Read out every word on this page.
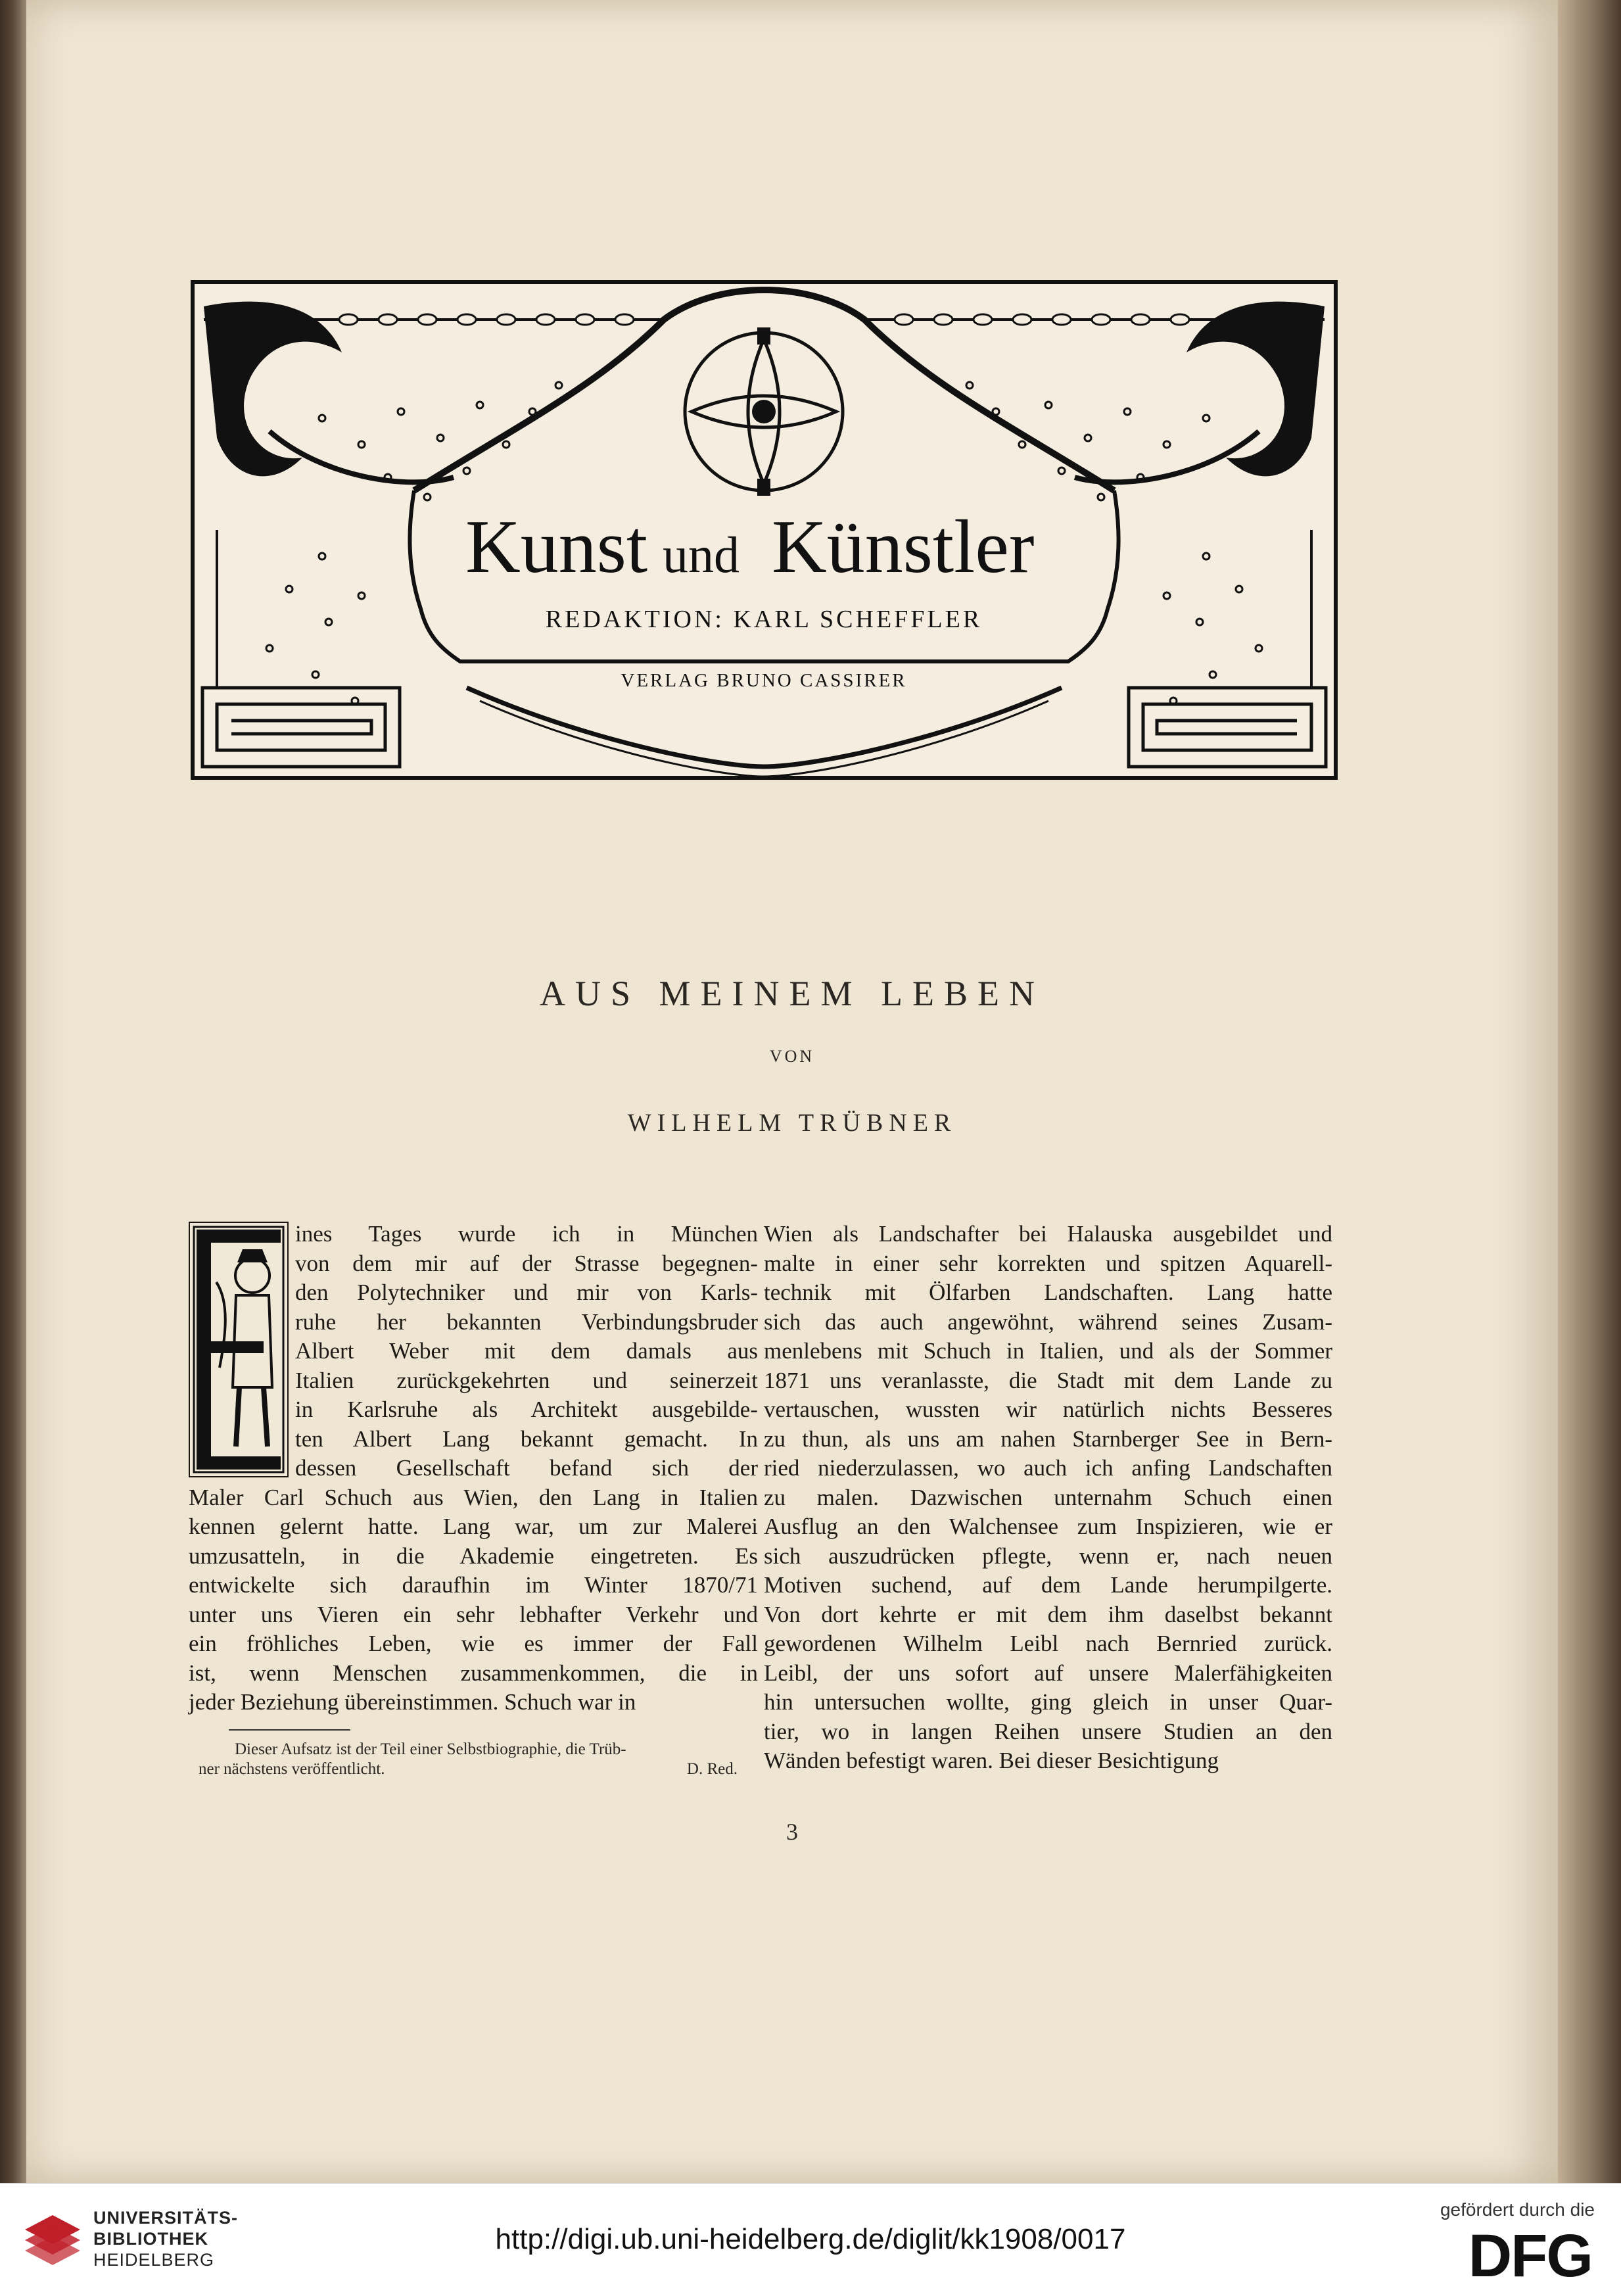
Kunst und Künstler
REDAKTION: KARL SCHEFFLER
VERLAG BRUNO CASSIRER
AUS MEINEM LEBEN
VON
WILHELM TRÜBNER
ines Tages wurde ich in München
von dem mir auf der Strasse begegnen-
den Polytechniker und mir von Karls-
ruhe her bekannten Verbindungsbruder
Albert Weber mit dem damals aus
Italien zurückgekehrten und seinerzeit
in Karlsruhe als Architekt ausgebilde-
ten Albert Lang bekannt gemacht. In
dessen Gesellschaft befand sich der
Maler Carl Schuch aus Wien, den Lang in Italien
kennen gelernt hatte. Lang war, um zur Malerei
umzusatteln, in die Akademie eingetreten. Es
entwickelte sich daraufhin im Winter 1870/71
unter uns Vieren ein sehr lebhafter Verkehr und
ein fröhliches Leben, wie es immer der Fall
ist, wenn Menschen zusammenkommen, die in
jeder Beziehung übereinstimmen. Schuch war in
Wien als Landschafter bei Halauska ausgebildet und
malte in einer sehr korrekten und spitzen Aquarell-
technik mit Ölfarben Landschaften. Lang hatte
sich das auch angewöhnt, während seines Zusam-
menlebens mit Schuch in Italien, und als der Sommer
1871 uns veranlasste, die Stadt mit dem Lande zu
vertauschen, wussten wir natürlich nichts Besseres
zu thun, als uns am nahen Starnberger See in Bern-
ried niederzulassen, wo auch ich anfing Landschaften
zu malen. Dazwischen unternahm Schuch einen
Ausflug an den Walchensee zum Inspizieren, wie er
sich auszudrücken pflegte, wenn er, nach neuen
Motiven suchend, auf dem Lande herumpilgerte.
Von dort kehrte er mit dem ihm daselbst bekannt
gewordenen Wilhelm Leibl nach Bernried zurück.
Leibl, der uns sofort auf unsere Malerfähigkeiten
hin untersuchen wollte, ging gleich in unser Quar-
tier, wo in langen Reihen unsere Studien an den
Wänden befestigt waren. Bei dieser Besichtigung
Dieser Aufsatz ist der Teil einer Selbstbiographie, die Trüb-
ner nächstens veröffentlicht.	D. Red.
3
UNIVERSITÄTS-
BIBLIOTHEK
HEIDELBERG
http://digi.ub.uni-heidelberg.de/diglit/kk1908/0017
gefördert durch die
DFG
